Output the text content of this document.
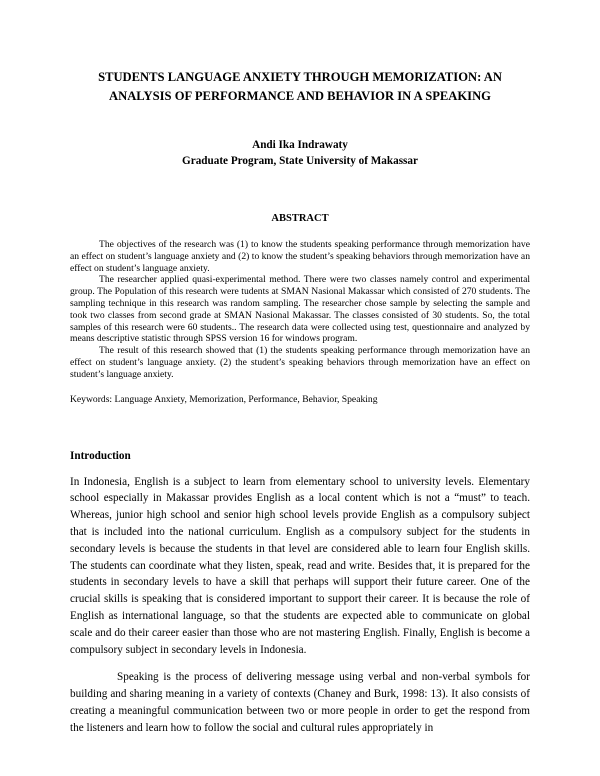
STUDENTS LANGUAGE ANXIETY THROUGH MEMORIZATION: AN ANALYSIS OF PERFORMANCE AND BEHAVIOR IN A SPEAKING
Andi Ika Indrawaty
Graduate Program, State University of Makassar
ABSTRACT

The objectives of the research was (1) to know the students speaking performance through memorization have an effect on student’s language anxiety and (2) to know the student’s speaking behaviors through memorization have an effect on student’s language anxiety.

The researcher applied quasi-experimental method. There were two classes namely control and experimental group. The Population of this research were tudents at SMAN Nasional Makassar which consisted of 270 students. The sampling technique in this research was random sampling. The researcher chose sample by selecting the sample and took two classes from second grade at SMAN Nasional Makassar. The classes consisted of 30 students. So, the total samples of this research were 60 students.. The research data were collected using test, questionnaire and analyzed by means descriptive statistic through SPSS version 16 for windows program.

The result of this research showed that (1) the students speaking performance through memorization have an effect on student’s language anxiety. (2) the student’s speaking behaviors through memorization have an effect on student’s language anxiety.

Keywords: Language Anxiety, Memorization, Performance, Behavior, Speaking
Introduction

In Indonesia, English is a subject to learn from elementary school to university levels. Elementary school especially in Makassar provides English as a local content which is not a “must” to teach. Whereas, junior high school and senior high school levels provide English as a compulsory subject that is included into the national curriculum. English as a compulsory subject for the students in secondary levels is because the students in that level are considered able to learn four English skills. The students can coordinate what they listen, speak, read and write. Besides that, it is prepared for the students in secondary levels to have a skill that perhaps will support their future career. One of the crucial skills is speaking that is considered important to support their career. It is because the role of English as international language, so that the students are expected able to communicate on global scale and do their career easier than those who are not mastering English. Finally, English is become a compulsory subject in secondary levels in Indonesia.

Speaking is the process of delivering message using verbal and non-verbal symbols for building and sharing meaning in a variety of contexts (Chaney and Burk, 1998: 13). It also consists of creating a meaningful communication between two or more people in order to get the respond from the listeners and learn how to follow the social and cultural rules appropriately in
